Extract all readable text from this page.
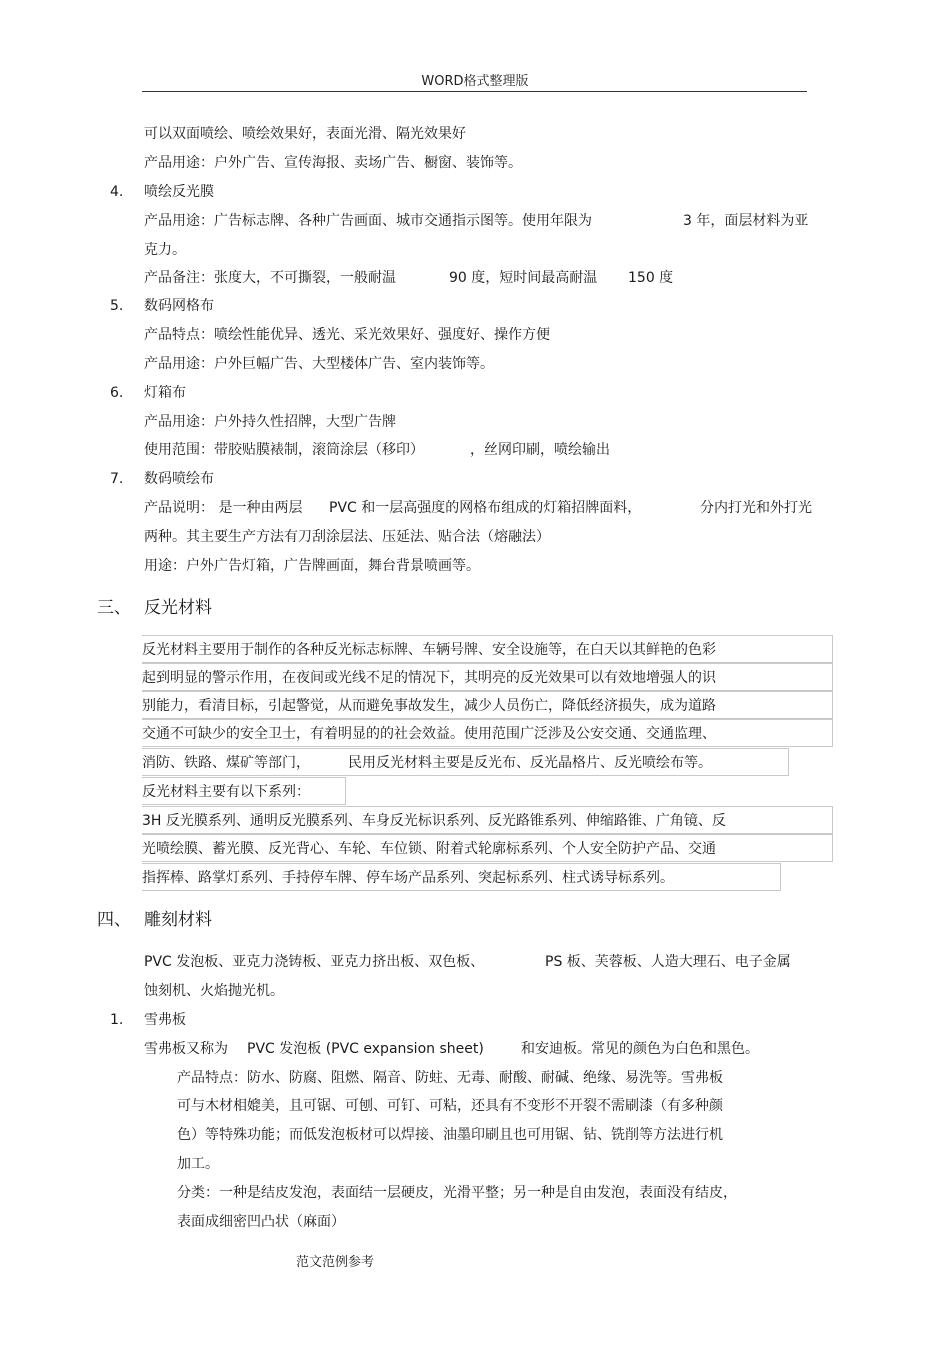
WORD格式整理版
可以双面喷绘、喷绘效果好，表面光滑、隔光效果好
产品用途：户外广告、宣传海报、卖场广告、橱窗、装饰等。
4. 喷绘反光膜
产品用途：广告标志牌、各种广告画面、城市交通指示图等。使用年限为	3 年，面层材料为亚
克力。
产品备注：张度大，不可撕裂，一般耐温	90 度，短时间最高耐温 150 度
5. 数码网格布
产品特点：喷绘性能优异、透光、采光效果好、强度好、操作方便
产品用途：户外巨幅广告、大型楼体广告、室内装饰等。
6. 灯箱布
产品用途：户外持久性招牌，大型广告牌
使用范围：带胶贴膜裱制，滚筒涂层（移印）	，丝网印刷，喷绘输出
7. 数码喷绘布
产品说明： 是一种由两层 PVC 和一层高强度的网格布组成的灯箱招牌面料，	分内打光和外打光
两种。其主要生产方法有刀刮涂层法、压延法、贴合法（熔融法）
用途：户外广告灯箱，广告牌画面，舞台背景喷画等。
三、 反光材料
反光材料主要用于制作的各种反光标志标牌、车辆号牌、安全设施等，在白天以其鲜艳的色彩
起到明显的警示作用，在夜间或光线不足的情况下，其明亮的反光效果可以有效地增强人的识
别能力，看清目标，引起警觉，从而避免事故发生，减少人员伤亡，降低经济损失，成为道路
交通不可缺少的安全卫士，有着明显的的社会效益。使用范围广泛涉及公安交通、交通监理、
消防、铁路、煤矿等部门，	民用反光材料主要是反光布、反光晶格片、反光喷绘布等。
反光材料主要有以下系列：
3H 反光膜系列、通明反光膜系列、车身反光标识系列、反光路锥系列、伸缩路锥、广角镜、反
光喷绘膜、蓄光膜、反光背心、车轮、车位锁、附着式轮廓标系列、个人安全防护产品、交通
指挥棒、路掌灯系列、手持停车牌、停车场产品系列、突起标系列、柱式诱导标系列。
四、 雕刻材料
PVC 发泡板、亚克力浇铸板、亚克力挤出板、双色板、	PS 板、芙蓉板、人造大理石、电子金属
蚀刻机、火焰抛光机。
1. 雪弗板
雪弗板又称为 PVC 发泡板 (PVC expansion sheet)	和安迪板。常见的颜色为白色和黑色。
产品特点：防水、防腐、阻燃、隔音、防蛀、无毒、耐酸、耐碱、绝缘、易洗等。雪弗板
可与木材相媲美，且可锯、可刨、可钉、可粘，还具有不变形不开裂不需刷漆（有多种颜
色）等特殊功能；而低发泡板材可以焊接、油墨印刷且也可用锯、钻、铣削等方法进行机
加工。
分类：一种是结皮发泡，表面结一层硬皮，光滑平整；另一种是自由发泡，表面没有结皮，
表面成细密凹凸状（麻面）
范文范例参考
